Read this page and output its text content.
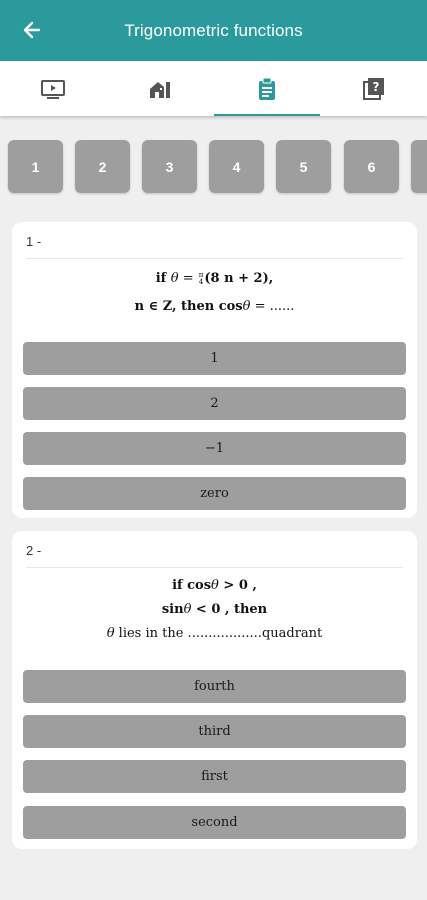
Trigonometric functions
?
1	2	3	4	5	6
1 -
if θ = π
4 (8 n + 2),
n ∈ Z, then cosθ = ......
1
2
−1
zero
2 -
if cosθ > 0 ,
sinθ < 0 , then
θ lies in the ..................quadrant
fourth
third
first
second
